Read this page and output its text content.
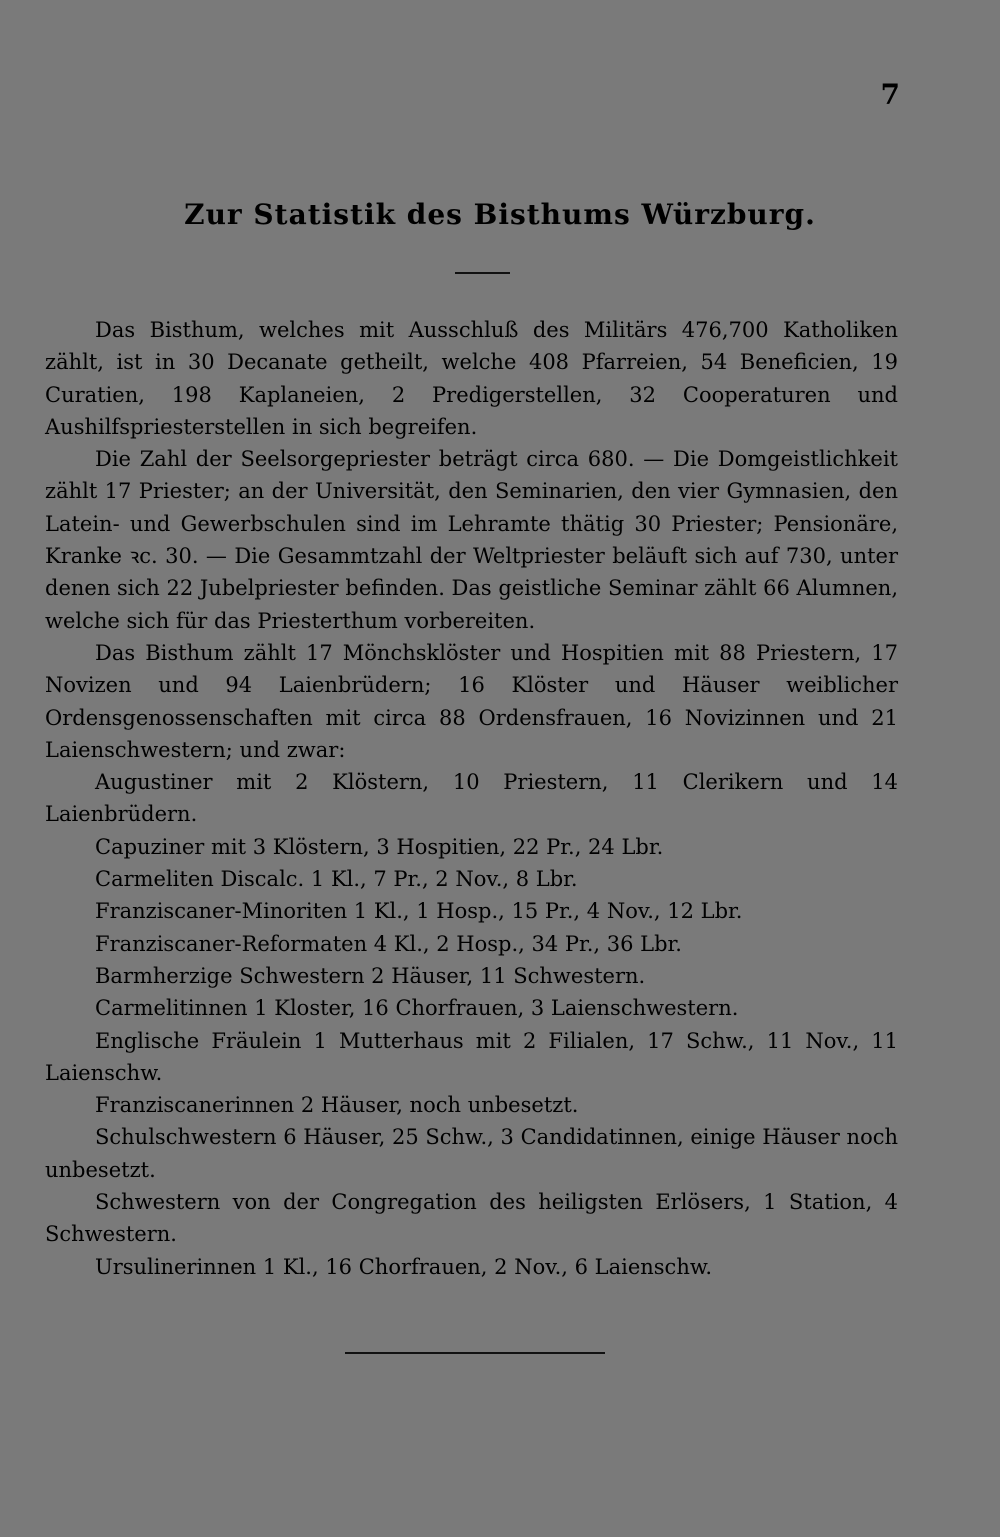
7
Zur Statistik des Bisthums Würzburg.

Das Bisthum, welches mit Ausschluß des Militärs 476,700 Katholiken zählt, ist in 30 Decanate getheilt, welche 408 Pfarreien, 54 Beneficien, 19 Curatien, 198 Kaplaneien, 2 Predigerstellen, 32 Cooperaturen und Aushilfspriesterstellen in sich begreifen.

Die Zahl der Seelsorgepriester beträgt circa 680. — Die Domgeistlichkeit zählt 17 Priester; an der Universität, den Seminarien, den vier Gymnasien, den Latein- und Gewerbschulen sind im Lehramte thätig 30 Priester; Pensionäre, Kranke ꝛc. 30. — Die Gesammtzahl der Weltpriester beläuft sich auf 730, unter denen sich 22 Jubelpriester befinden. Das geistliche Seminar zählt 66 Alumnen, welche sich für das Priesterthum vorbereiten.

Das Bisthum zählt 17 Mönchsklöster und Hospitien mit 88 Priestern, 17 Novizen und 94 Laienbrüdern; 16 Klöster und Häuser weiblicher Ordensgenossenschaften mit circa 88 Ordensfrauen, 16 Novizinnen und 21 Laienschwestern; und zwar:

Augustiner mit 2 Klöstern, 10 Priestern, 11 Clerikern und 14 Laienbrüdern.
Capuziner mit 3 Klöstern, 3 Hospitien, 22 Pr., 24 Lbr.
Carmeliten Discalc. 1 Kl., 7 Pr., 2 Nov., 8 Lbr.
Franziscaner-Minoriten 1 Kl., 1 Hosp., 15 Pr., 4 Nov., 12 Lbr.
Franziscaner-Reformaten 4 Kl., 2 Hosp., 34 Pr., 36 Lbr.
Barmherzige Schwestern 2 Häuser, 11 Schwestern.
Carmelitinnen 1 Kloster, 16 Chorfrauen, 3 Laienschwestern.
Englische Fräulein 1 Mutterhaus mit 2 Filialen, 17 Schw., 11 Nov., 11 Laienschw.
Franziscanerinnen 2 Häuser, noch unbesetzt.
Schulschwestern 6 Häuser, 25 Schw., 3 Candidatinnen, einige Häuser noch unbesetzt.
Schwestern von der Congregation des heiligsten Erlösers, 1 Station, 4 Schwestern.
Ursulinerinnen 1 Kl., 16 Chorfrauen, 2 Nov., 6 Laienschw.
